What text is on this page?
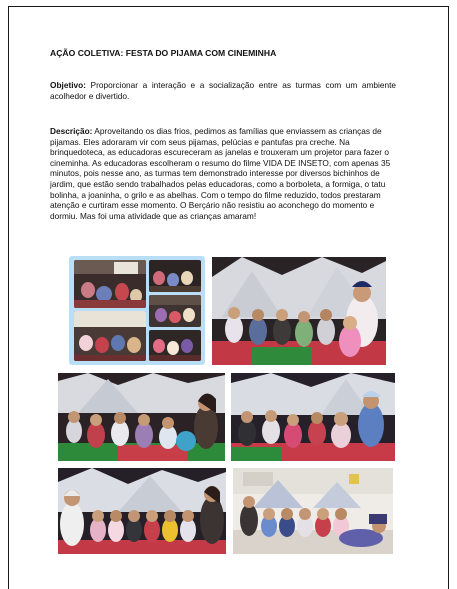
AÇÃO COLETIVA: FESTA DO PIJAMA COM CINEMINHA
Objetivo: Proporcionar a interação e a socialização entre as turmas com um ambiente acolhedor e divertido.
Descrição: Aproveitando os dias frios, pedimos as famílias que enviassem as crianças de pijamas. Eles adoraram vir com seus pijamas, pelúcias e pantufas pra creche. Na brinquedoteca, as educadoras escureceram as janelas e trouxeram um projetor para fazer o cineminha. As educadoras escolheram o resumo do filme VIDA DE INSETO, com apenas 35 minutos, pois nesse ano, as turmas tem demonstrado interesse por diversos bichinhos de jardim, que estão sendo trabalhados pelas educadoras, como a borboleta, a formiga, o tatu bolinha, a joaninha, o grilo e as abelhas. Com o tempo do filme reduzido, todos prestaram atenção e curtiram esse momento. O Berçário não resistiu ao aconchego do momento e dormiu. Mas foi uma atividade que as crianças amaram!
